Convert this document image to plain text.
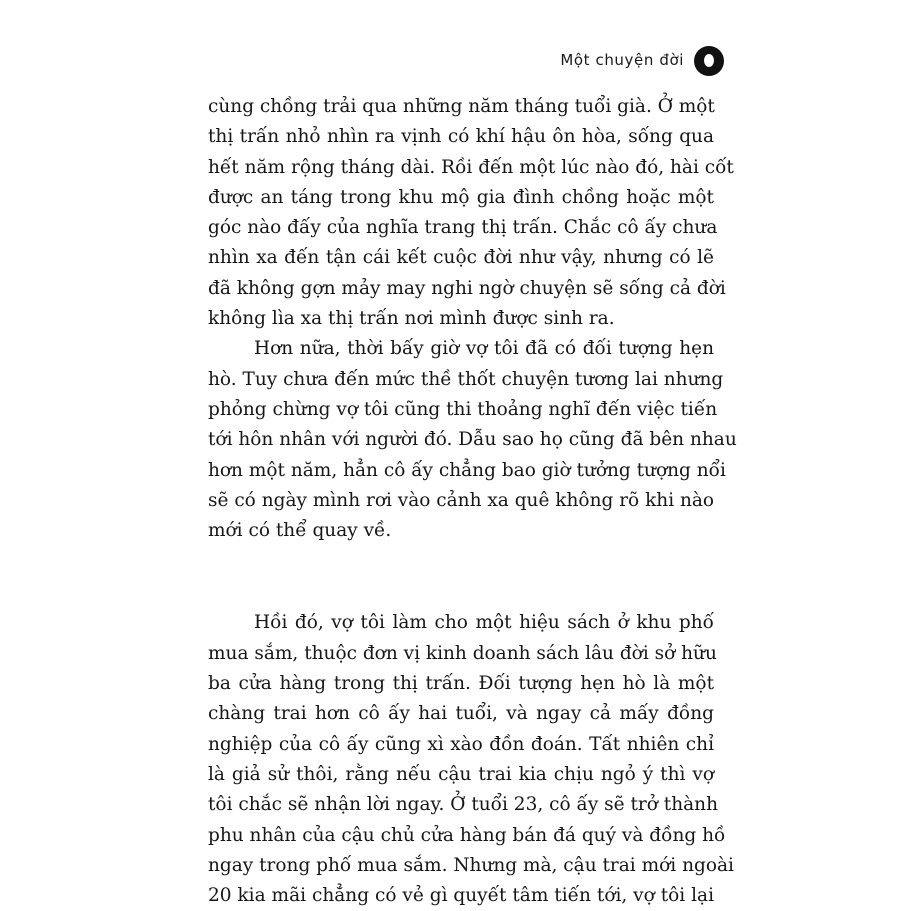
Một chuyện đời
cùng chồng trải qua những năm tháng tuổi già. Ở một
thị trấn nhỏ nhìn ra vịnh có khí hậu ôn hòa, sống qua
hết năm rộng tháng dài. Rồi đến một lúc nào đó, hài cốt
được an táng trong khu mộ gia đình chồng hoặc một
góc nào đấy của nghĩa trang thị trấn. Chắc cô ấy chưa
nhìn xa đến tận cái kết cuộc đời như vậy, nhưng có lẽ
đã không gợn mảy may nghi ngờ chuyện sẽ sống cả đời
không lìa xa thị trấn nơi mình được sinh ra.
Hơn nữa, thời bấy giờ vợ tôi đã có đối tượng hẹn
hò. Tuy chưa đến mức thề thốt chuyện tương lai nhưng
phỏng chừng vợ tôi cũng thi thoảng nghĩ đến việc tiến
tới hôn nhân với người đó. Dẫu sao họ cũng đã bên nhau
hơn một năm, hẳn cô ấy chẳng bao giờ tưởng tượng nổi
sẽ có ngày mình rơi vào cảnh xa quê không rõ khi nào
mới có thể quay về.
Hồi đó, vợ tôi làm cho một hiệu sách ở khu phố
mua sắm, thuộc đơn vị kinh doanh sách lâu đời sở hữu
ba cửa hàng trong thị trấn. Đối tượng hẹn hò là một
chàng trai hơn cô ấy hai tuổi, và ngay cả mấy đồng
nghiệp của cô ấy cũng xì xào đồn đoán. Tất nhiên chỉ
là giả sử thôi, rằng nếu cậu trai kia chịu ngỏ ý thì vợ
tôi chắc sẽ nhận lời ngay. Ở tuổi 23, cô ấy sẽ trở thành
phu nhân của cậu chủ cửa hàng bán đá quý và đồng hồ
ngay trong phố mua sắm. Nhưng mà, cậu trai mới ngoài
20 kia mãi chẳng có vẻ gì quyết tâm tiến tới, vợ tôi lại
